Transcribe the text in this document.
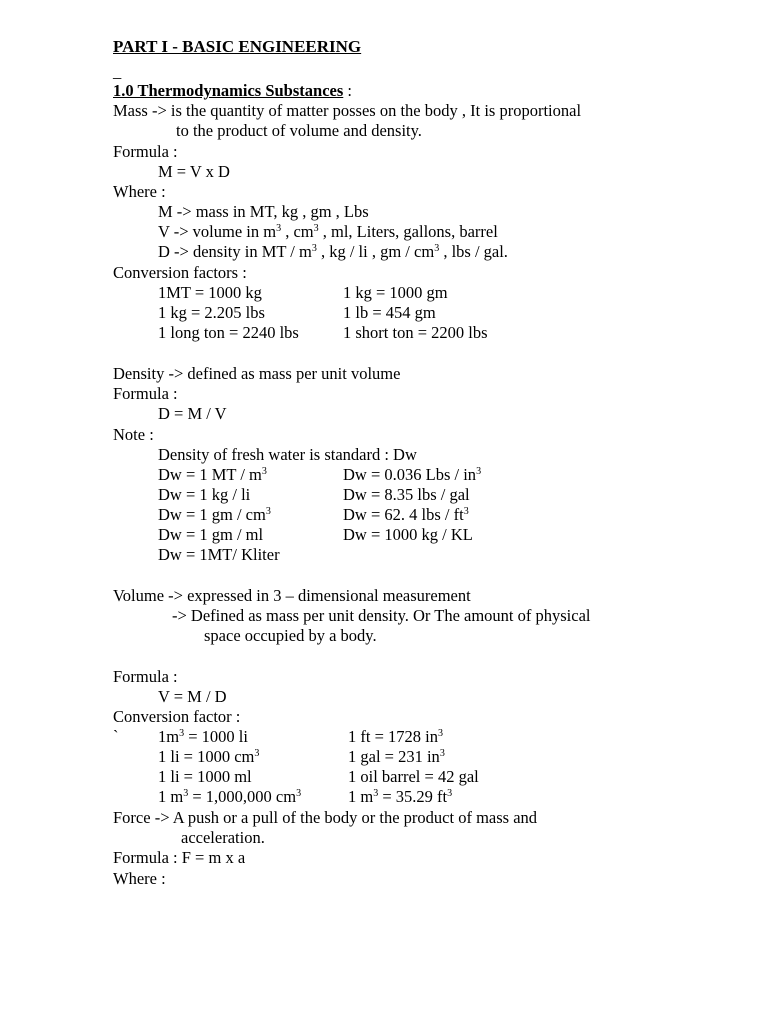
PART I - BASIC ENGINEERING
_
1.0 Thermodynamics Substances :
Mass -> is the quantity of matter posses on the body , It is proportional
to the product of volume and density.
Formula :
M = V x D
Where :
M -> mass in MT, kg , gm , Lbs
V -> volume in $m^3$ , $cm^3$ , ml, Liters, gallons, barrel
D -> density in MT / $m^3$ , kg / li , gm / $cm^3$ , lbs / gal.
Conversion factors :
1MT = 1000 kg	1 kg = 1000 gm
1 kg = 2.205 lbs	1 lb = 454 gm
1 long ton = 2240 lbs	1 short ton = 2200 lbs
Density -> defined as mass per unit volume
Formula :
D = M / V
Note :
Density of fresh water is standard : Dw
Dw = 1 MT / $m^3$	Dw = 0.036 Lbs / $in^3$
Dw = 1 kg / li	Dw = 8.35 lbs / gal
Dw = 1 gm / $cm^3$	Dw = 62. 4 lbs / $ft^3$
Dw = 1 gm / ml	Dw = 1000 kg / KL
Dw = 1MT/ Kliter
Volume -> expressed in 3 – dimensional measurement
-> Defined as mass per unit density. Or The amount of physical
space occupied by a body.
Formula :
V = M / D
Conversion factor :
` $1m^3 = 1000$ li	1 ft = 1728 $in^3$
1 li = 1000 $cm^3$	1 gal = 231 $in^3$
1 li = 1000 ml	1 oil barrel = 42 gal
1 $m^3 = 1,000,000$ $cm^3$	1 $m^3 = 35.29$ $ft^3$
Force -> A push or a pull of the body or the product of mass and
acceleration.
Formula : F = m x a
Where :
